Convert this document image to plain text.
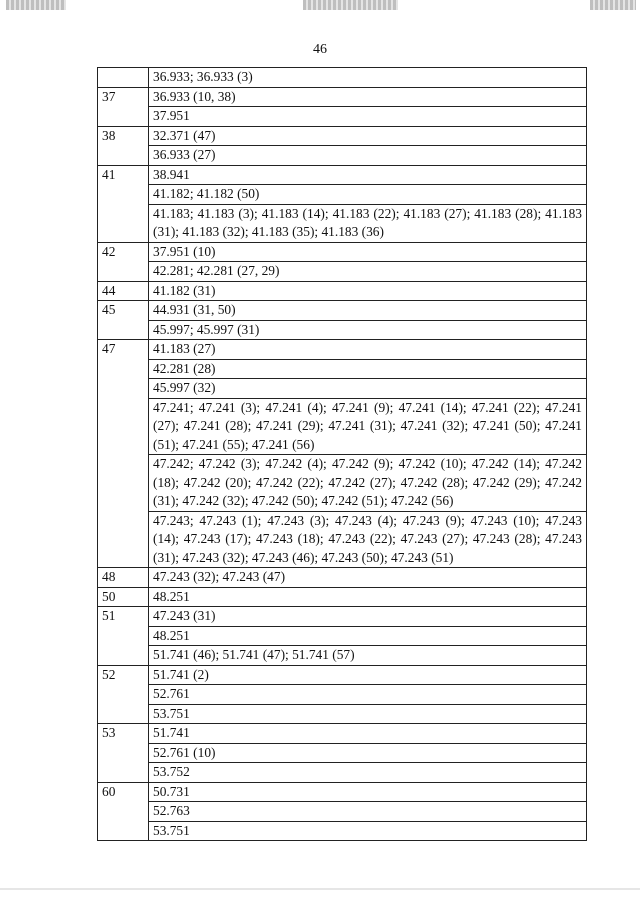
46
	36.933; 36.933 (3)
37	36.933 (10, 38)
	37.951
38	32.371 (47)
	36.933 (27)
41	38.941
	41.182; 41.182 (50)
	41.183; 41.183 (3); 41.183 (14); 41.183 (22); 41.183 (27); 41.183 (28); 41.183 (31); 41.183 (32); 41.183 (35); 41.183 (36)
42	37.951 (10)
	42.281; 42.281 (27, 29)
44	41.182 (31)
45	44.931 (31, 50)
	45.997; 45.997 (31)
47	41.183 (27)
	42.281 (28)
	45.997 (32)
	47.241; 47.241 (3); 47.241 (4); 47.241 (9); 47.241 (14); 47.241 (22); 47.241 (27); 47.241 (28); 47.241 (29); 47.241 (31); 47.241 (32); 47.241 (50); 47.241 (51); 47.241 (55); 47.241 (56)
	47.242; 47.242 (3); 47.242 (4); 47.242 (9); 47.242 (10); 47.242 (14); 47.242 (18); 47.242 (20); 47.242 (22); 47.242 (27); 47.242 (28); 47.242 (29); 47.242 (31); 47.242 (32); 47.242 (50); 47.242 (51); 47.242 (56)
	47.243; 47.243 (1); 47.243 (3); 47.243 (4); 47.243 (9); 47.243 (10); 47.243 (14); 47.243 (17); 47.243 (18); 47.243 (22); 47.243 (27); 47.243 (28); 47.243 (31); 47.243 (32); 47.243 (46); 47.243 (50); 47.243 (51)
48	47.243 (32); 47.243 (47)
50	48.251
51	47.243 (31)
	48.251
	51.741 (46); 51.741 (47); 51.741 (57)
52	51.741 (2)
	52.761
	53.751
53	51.741
	52.761 (10)
	53.752
60	50.731
	52.763
	53.751
